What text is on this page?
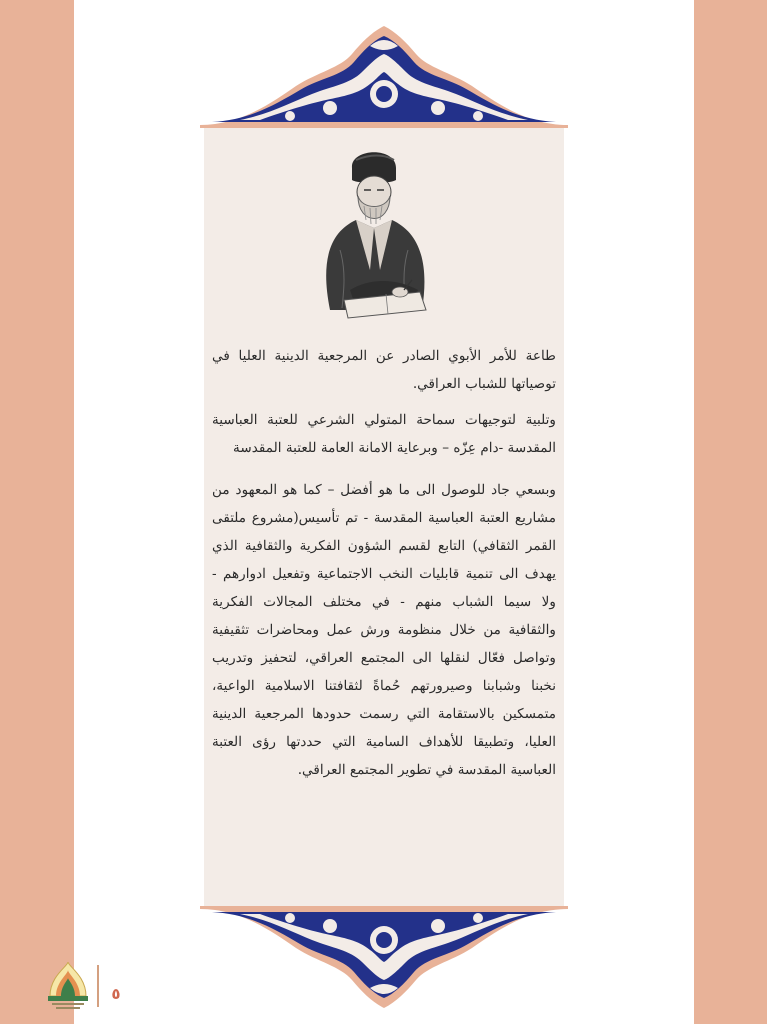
طاعة للأمر الأبوي الصادر عن المرجعية الدينية العليا في توصياتها للشباب العراقي.

وتلبية لتوجيهات سماحة المتولي الشرعي للعتبة العباسية المقدسة -دام عِزّه – وبرعاية الامانة العامة للعتبة المقدسة

وبسعي جاد للوصول الى ما هو أفضل – كما هو المعهود من مشاريع العتبة العباسية المقدسة - تم تأسيس(مشروع ملتقى القمر الثقافي) التابع لقسم الشؤون الفكرية والثقافية الذي يهدف الى تنمية قابليات النخب الاجتماعية وتفعيل ادوارهم - ولا سيما الشباب منهم - في مختلف المجالات الفكرية والثقافية من خلال منظومة ورش عمل ومحاضرات تثقيفية وتواصل فعّال لنقلها الى المجتمع العراقي، لتحفيز وتدريب نخبنا وشبابنا وصيرورتهم حُماةً لثقافتنا الاسلامية الواعية، متمسكين بالاستقامة التي رسمت حدودها المرجعية الدينية العليا، وتطبيقا للأهداف السامية التي حددتها رؤى العتبة العباسية المقدسة في تطوير المجتمع العراقي.

٥
